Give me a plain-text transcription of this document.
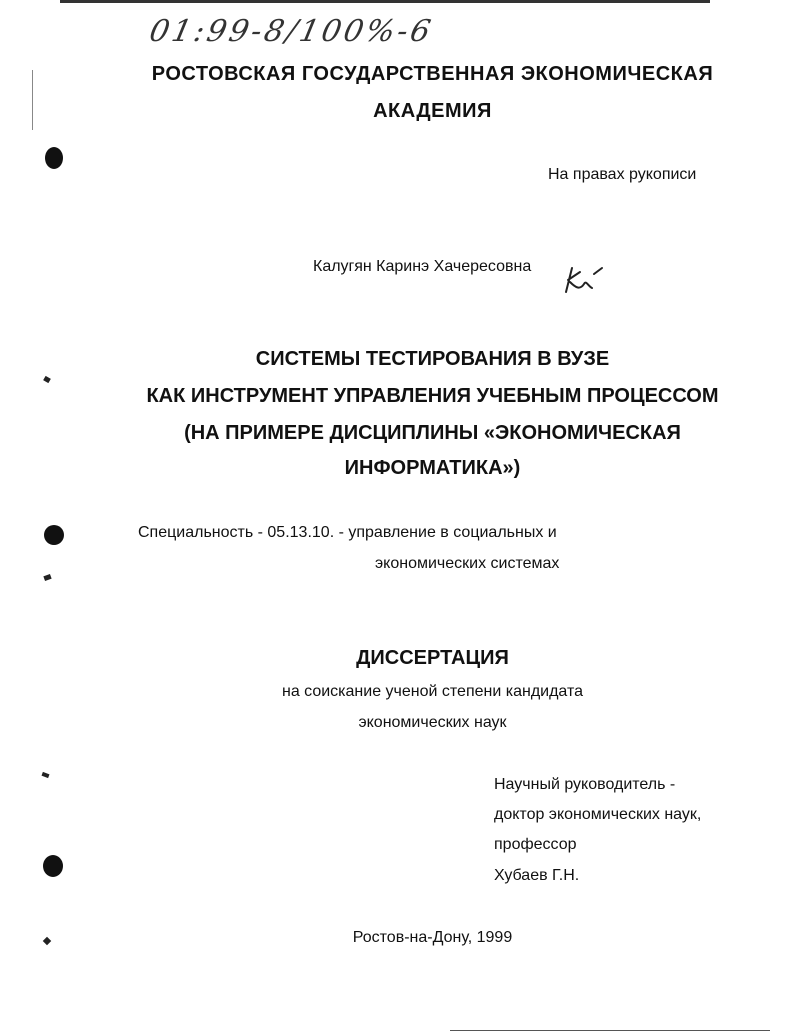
01:99-8/100%-6
РОСТОВСКАЯ ГОСУДАРСТВЕННАЯ ЭКОНОМИЧЕСКАЯ
АКАДЕМИЯ
На правах рукописи
Калугян Каринэ Хачересовна
СИСТЕМЫ ТЕСТИРОВАНИЯ В ВУЗЕ
КАК ИНСТРУМЕНТ УПРАВЛЕНИЯ УЧЕБНЫМ ПРОЦЕССОМ
(НА ПРИМЕРЕ ДИСЦИПЛИНЫ «ЭКОНОМИЧЕСКАЯ
ИНФОРМАТИКА»)
Специальность - 05.13.10. - управление в социальных и
экономических системах
ДИССЕРТАЦИЯ
на соискание ученой степени кандидата
экономических наук
Научный руководитель -
доктор экономических наук,
профессор
Хубаев Г.Н.
Ростов-на-Дону, 1999
